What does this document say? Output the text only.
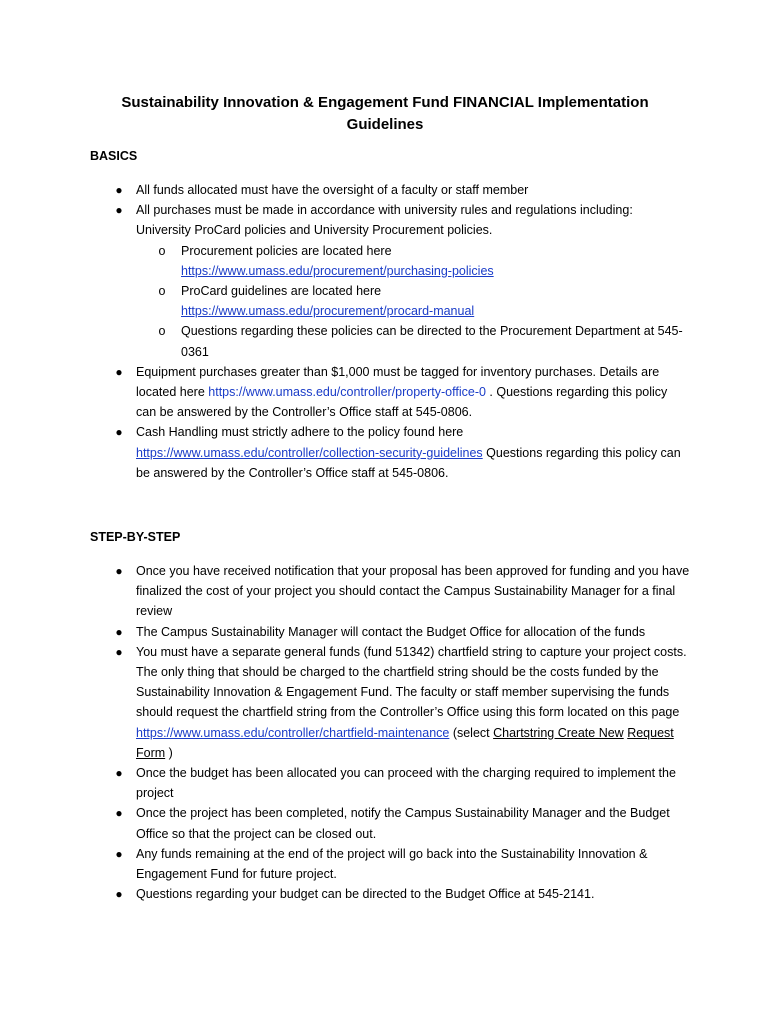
Sustainability Innovation & Engagement Fund FINANCIAL Implementation Guidelines
BASICS
● All funds allocated must have the oversight of a faculty or staff member
● All purchases must be made in accordance with university rules and regulations including: University ProCard policies and University Procurement policies.
o Procurement policies are located here
https://www.umass.edu/procurement/purchasing-policies
o ProCard guidelines are located here
https://www.umass.edu/procurement/procard-manual
o Questions regarding these policies can be directed to the Procurement Department at 545-0361
● Equipment purchases greater than $1,000 must be tagged for inventory purchases. Details are located here https://www.umass.edu/controller/property-office-0 . Questions regarding this policy can be answered by the Controller’s Office staff at 545-0806.
● Cash Handling must strictly adhere to the policy found here https://www.umass.edu/controller/collection-security-guidelines Questions regarding this policy can be answered by the Controller’s Office staff at 545-0806.
STEP-BY-STEP
● Once you have received notification that your proposal has been approved for funding and you have finalized the cost of your project you should contact the Campus Sustainability Manager for a final review
● The Campus Sustainability Manager will contact the Budget Office for allocation of the funds
● You must have a separate general funds (fund 51342) chartfield string to capture your project costs. The only thing that should be charged to the chartfield string should be the costs funded by the Sustainability Innovation & Engagement Fund. The faculty or staff member supervising the funds should request the chartfield string from the Controller’s Office using this form located on this page https://www.umass.edu/controller/chartfield-maintenance (select Chartstring Create New Request Form )
● Once the budget has been allocated you can proceed with the charging required to implement the project
● Once the project has been completed, notify the Campus Sustainability Manager and the Budget Office so that the project can be closed out.
● Any funds remaining at the end of the project will go back into the Sustainability Innovation & Engagement Fund for future project.
● Questions regarding your budget can be directed to the Budget Office at 545-2141.
